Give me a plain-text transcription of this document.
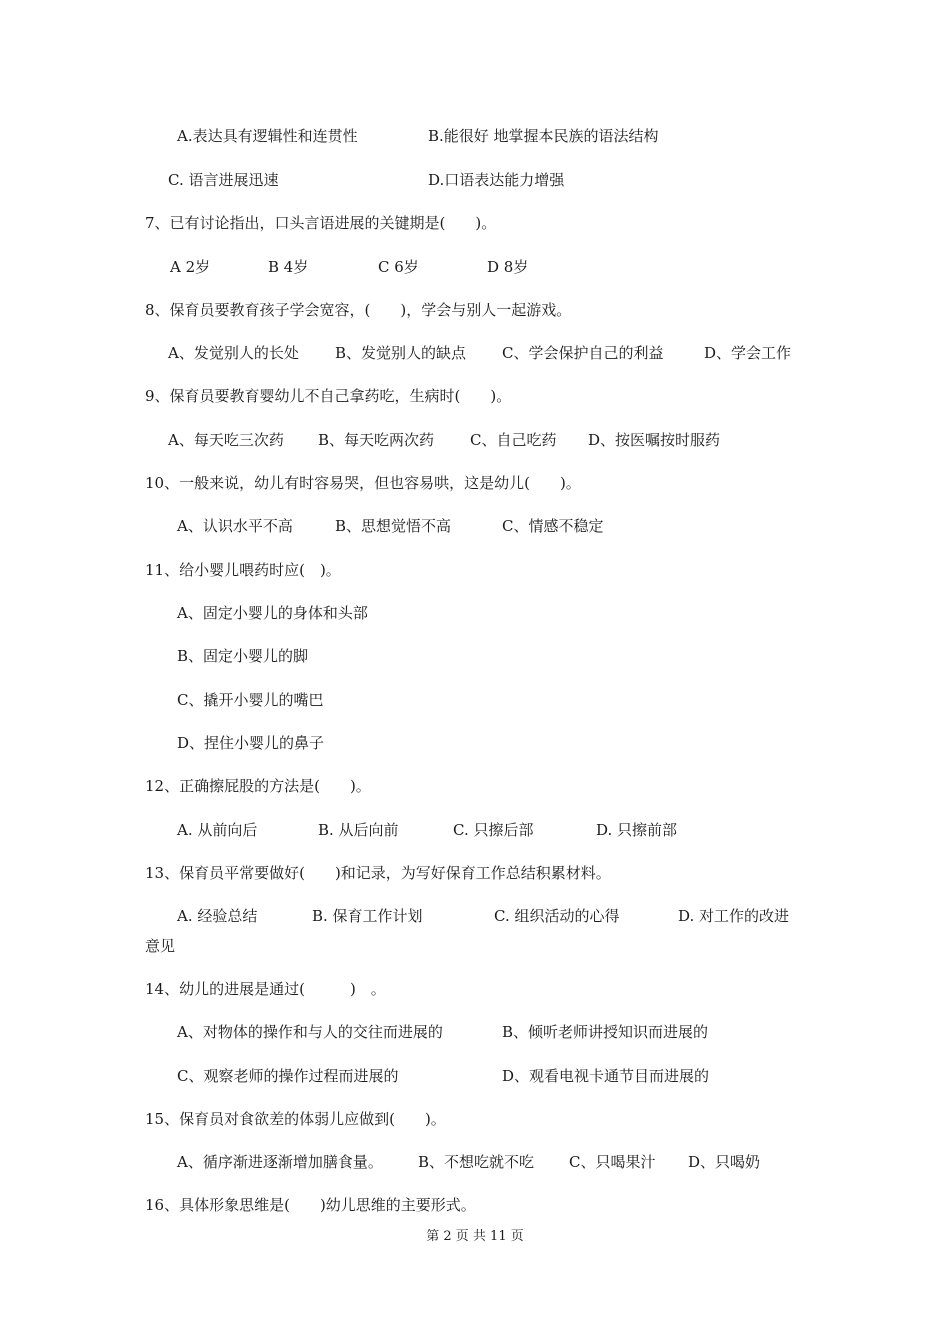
A.表达具有逻辑性和连贯性	B.能很好 地掌握本民族的语法结构
C. 语言进展迅速	D.口语表达能力增强
7、已有讨论指出，口头言语进展的关键期是(　　)。
A 2岁	B 4岁	C 6岁	D 8岁
8、保育员要教育孩子学会宽容，(　　)，学会与别人一起游戏。
A、发觉别人的长处 B、发觉别人的缺点 C、学会保护自己的利益	D、学会工作
9、保育员要教育婴幼儿不自己拿药吃，生病时(　　)。
A、每天吃三次药 B、每天吃两次药 C、自己吃药 D、按医嘱按时服药
10、一般来说，幼儿有时容易哭，但也容易哄，这是幼儿(　　)。
A、认识水平不高	B、思想觉悟不高	C、情感不稳定
11、给小婴儿喂药时应(　)。
A、固定小婴儿的身体和头部
B、固定小婴儿的脚
C、撬开小婴儿的嘴巴
D、捏住小婴儿的鼻子
12、正确擦屁股的方法是(　　)。
A. 从前向后	B. 从后向前	C. 只擦后部	D. 只擦前部
13、保育员平常要做好(　　)和记录，为写好保育工作总结积累材料。
A. 经验总结	B. 保育工作计划	C. 组织活动的心得	D. 对工作的改进
意见
14、幼儿的进展是通过(　　　)　。
A、对物体的操作和与人的交往而进展的	B、倾听老师讲授知识而进展的
C、观察老师的操作过程而进展的	D、观看电视卡通节目而进展的
15、保育员对食欲差的体弱儿应做到(　　)。
A、循序渐进逐渐增加膳食量。 B、不想吃就不吃 C、只喝果汁 D、只喝奶
16、具体形象思维是(　　)幼儿思维的主要形式。
第 2 页 共 11 页
